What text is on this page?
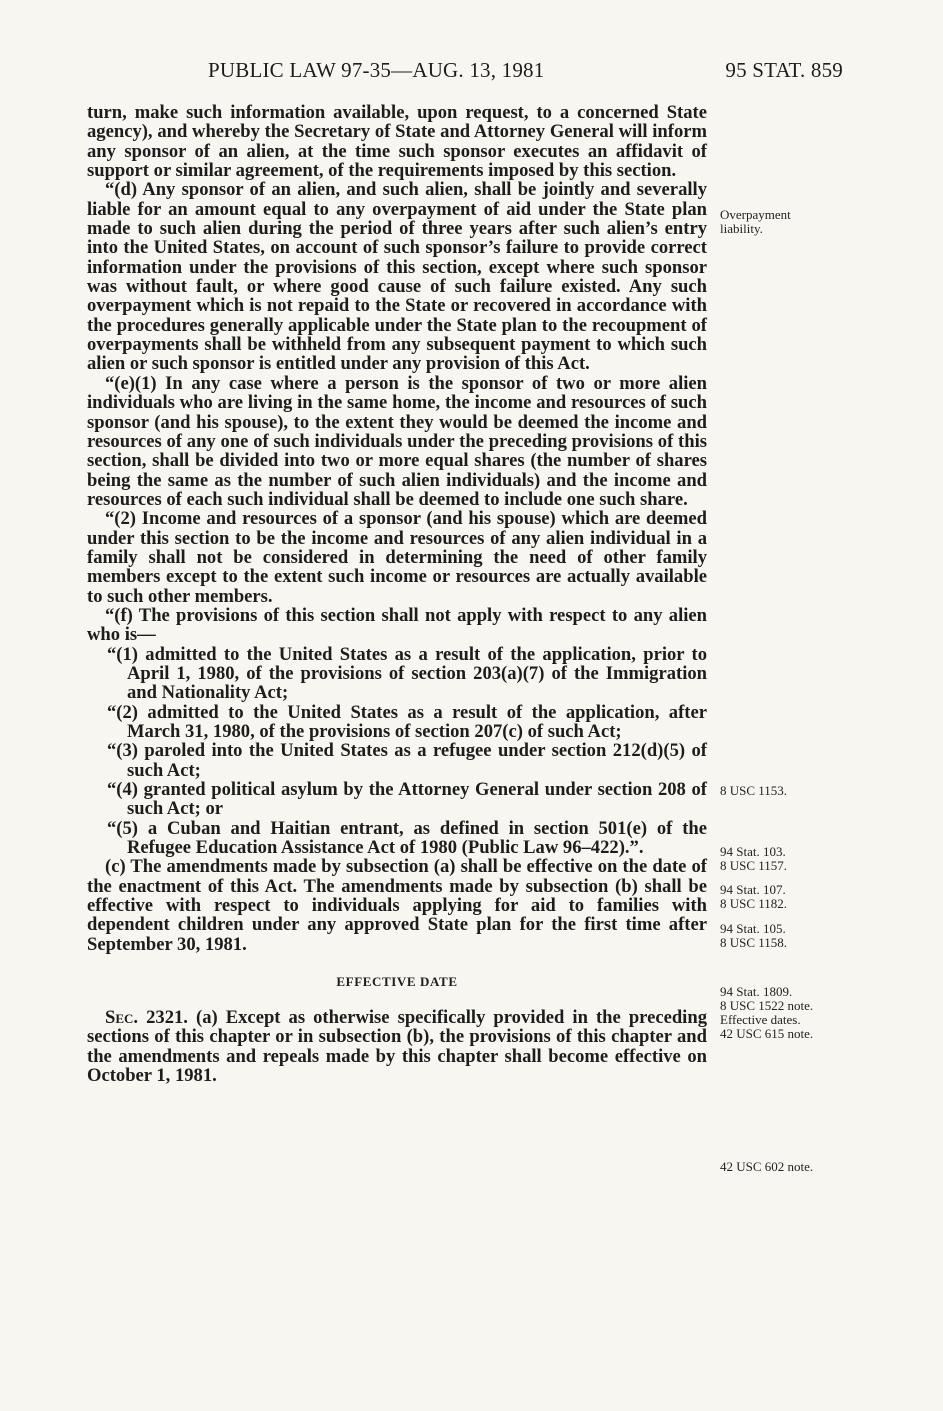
PUBLIC LAW 97-35—AUG. 13, 1981	95 STAT. 859

turn, make such information available, upon request, to a concerned State agency), and whereby the Secretary of State and Attorney General will inform any sponsor of an alien, at the time such sponsor executes an affidavit of support or similar agreement, of the requirements imposed by this section.

“(d) Any sponsor of an alien, and such alien, shall be jointly and severally liable for an amount equal to any overpayment of aid under the State plan made to such alien during the period of three years after such alien’s entry into the United States, on account of such sponsor’s failure to provide correct information under the provisions of this section, except where such sponsor was without fault, or where good cause of such failure existed. Any such overpayment which is not repaid to the State or recovered in accordance with the procedures generally applicable under the State plan to the recoupment of overpayments shall be withheld from any subsequent payment to which such alien or such sponsor is entitled under any provision of this Act.

“(e)(1) In any case where a person is the sponsor of two or more alien individuals who are living in the same home, the income and resources of such sponsor (and his spouse), to the extent they would be deemed the income and resources of any one of such individuals under the preceding provisions of this section, shall be divided into two or more equal shares (the number of shares being the same as the number of such alien individuals) and the income and resources of each such individual shall be deemed to include one such share.

“(2) Income and resources of a sponsor (and his spouse) which are deemed under this section to be the income and resources of any alien individual in a family shall not be considered in determining the need of other family members except to the extent such income or resources are actually available to such other members.

“(f) The provisions of this section shall not apply with respect to any alien who is—

“(1) admitted to the United States as a result of the application, prior to April 1, 1980, of the provisions of section 203(a)(7) of the Immigration and Nationality Act;

“(2) admitted to the United States as a result of the application, after March 31, 1980, of the provisions of section 207(c) of such Act;

“(3) paroled into the United States as a refugee under section 212(d)(5) of such Act;

“(4) granted political asylum by the Attorney General under section 208 of such Act; or

“(5) a Cuban and Haitian entrant, as defined in section 501(e) of the Refugee Education Assistance Act of 1980 (Public Law 96–422).”.

(c) The amendments made by subsection (a) shall be effective on the date of the enactment of this Act. The amendments made by subsection (b) shall be effective with respect to individuals applying for aid to families with dependent children under any approved State plan for the first time after September 30, 1981.

EFFECTIVE DATE

Sec. 2321. (a) Except as otherwise specifically provided in the preceding sections of this chapter or in subsection (b), the provisions of this chapter and the amendments and repeals made by this chapter shall become effective on October 1, 1981.

Overpayment
liability.
8 USC 1153.
94 Stat. 103.
8 USC 1157.
94 Stat. 107.
8 USC 1182.
94 Stat. 105.
8 USC 1158.
94 Stat. 1809.
8 USC 1522 note.
Effective dates.
42 USC 615 note.
42 USC 602 note.
